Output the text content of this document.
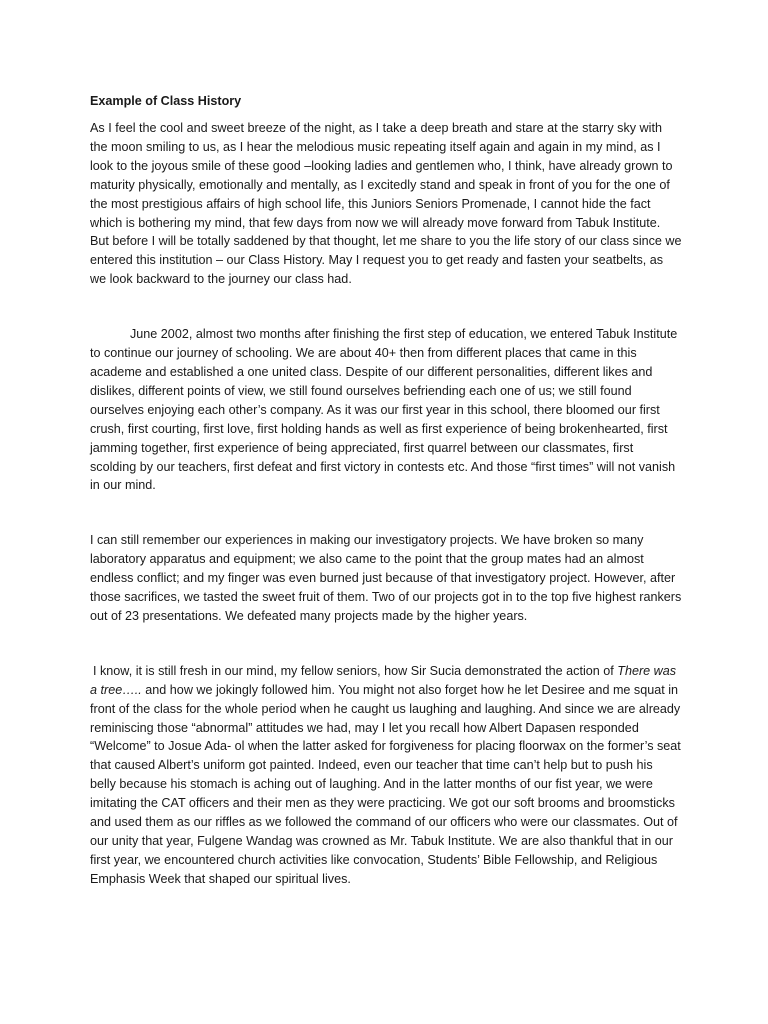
Example of Class History

As I feel the cool and sweet breeze of the night, as I take a deep breath and stare at the starry sky with the moon smiling to us, as I hear the melodious music repeating itself again and again in my mind, as I look to the joyous smile of these good –looking ladies and gentlemen who, I think, have already grown to maturity physically, emotionally and mentally, as I excitedly stand and speak in front of you for the one of the most prestigious affairs of high school life, this Juniors Seniors Promenade, I cannot hide the fact which is bothering my mind, that few days from now we will already move forward from Tabuk Institute. But before I will be totally saddened by that thought, let me share to you the life story of our class since we entered this institution – our Class History. May I request you to get ready and fasten your seatbelts, as we look backward to the journey our class had.

June 2002, almost two months after finishing the first step of education, we entered Tabuk Institute to continue our journey of schooling. We are about 40+ then from different places that came in this academe and established a one united class. Despite of our different personalities, different likes and dislikes, different points of view, we still found ourselves befriending each one of us; we still found ourselves enjoying each other’s company. As it was our first year in this school, there bloomed our first crush, first courting, first love, first holding hands as well as first experience of being brokenhearted, first jamming together, first experience of being appreciated, first quarrel between our classmates, first scolding by our teachers, first defeat and first victory in contests etc. And those “first times” will not vanish in our mind.

I can still remember our experiences in making our investigatory projects. We have broken so many laboratory apparatus and equipment; we also came to the point that the group mates had an almost endless conflict; and my finger was even burned just because of that investigatory project. However, after those sacrifices, we tasted the sweet fruit of them. Two of our projects got in to the top five highest rankers out of 23 presentations. We defeated many projects made by the higher years.

I know, it is still fresh in our mind, my fellow seniors, how Sir Sucia demonstrated the action of There was a tree….. and how we jokingly followed him. You might not also forget how he let Desiree and me squat in front of the class for the whole period when he caught us laughing and laughing. And since we are already reminiscing those “abnormal” attitudes we had, may I let you recall how Albert Dapasen responded “Welcome” to Josue Ada- ol when the latter asked for forgiveness for placing floorwax on the former’s seat that caused Albert’s uniform got painted. Indeed, even our teacher that time can’t help but to push his belly because his stomach is aching out of laughing. And in the latter months of our fist year, we were imitating the CAT officers and their men as they were practicing. We got our soft brooms and broomsticks and used them as our riffles as we followed the command of our officers who were our classmates. Out of our unity that year, Fulgene Wandag was crowned as Mr. Tabuk Institute. We are also thankful that in our first year, we encountered church activities like convocation, Students’ Bible Fellowship, and Religious Emphasis Week that shaped our spiritual lives.
